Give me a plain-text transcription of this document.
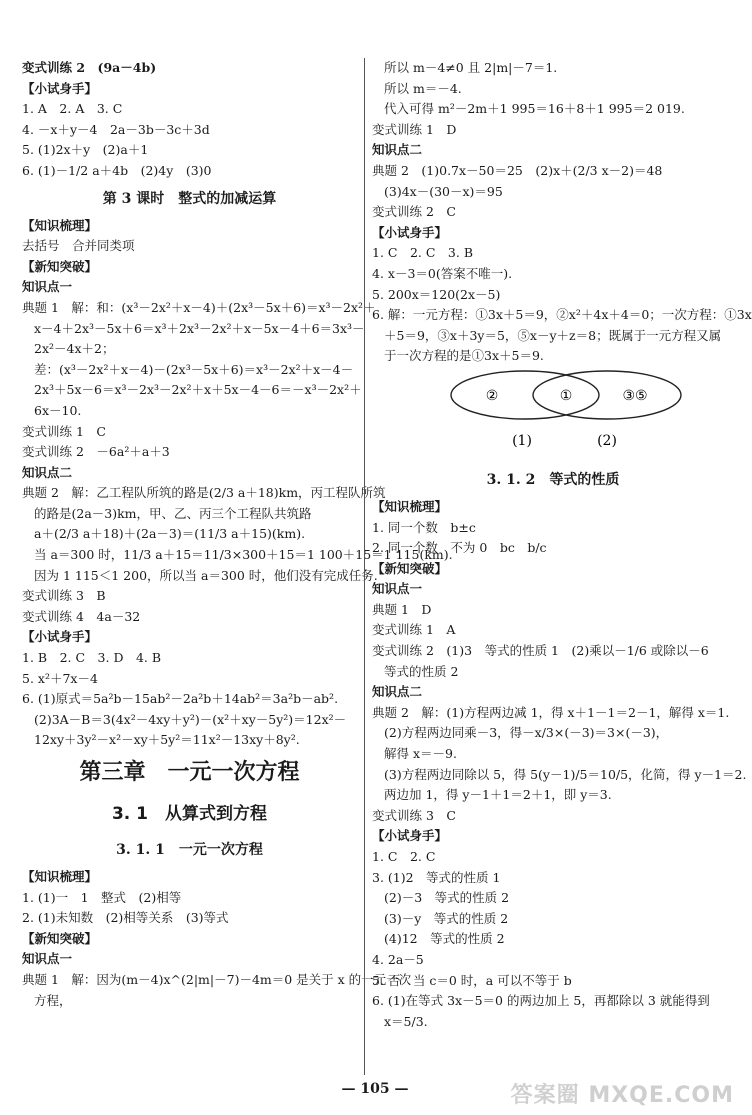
变式训练 2　(9a－4b)
【小试身手】
1. A　2. A　3. C
4. －x＋y－4　2a－3b－3c＋3d
5. (1)2x＋y　(2)a＋1
6. (1)－1/2 a＋4b　(2)4y　(3)0
第 3 课时　整式的加减运算
【知识梳理】
去括号　合并同类项
【新知突破】
知识点一
典题 1　解：和：(x³－2x²＋x－4)＋(2x³－5x＋6)＝x³－2x²＋
x－4＋2x³－5x＋6＝x³＋2x³－2x²＋x－5x－4＋6＝3x³－
2x²－4x＋2；
差：(x³－2x²＋x－4)－(2x³－5x＋6)＝x³－2x²＋x－4－
2x³＋5x－6＝x³－2x³－2x²＋x＋5x－4－6＝－x³－2x²＋
6x－10.
变式训练 1　C
变式训练 2　－6a²＋a＋3
知识点二
典题 2　解：乙工程队所筑的路是(2/3 a＋18)km，丙工程队所筑
的路是(2a－3)km，甲、乙、丙三个工程队共筑路
a＋(2/3 a＋18)＋(2a－3)＝(11/3 a＋15)(km).
当 a＝300 时，11/3 a＋15＝11/3×300＋15＝1 100＋15＝1 115(km).
因为 1 115＜1 200，所以当 a＝300 时，他们没有完成任务.
变式训练 3　B
变式训练 4　4a－32
【小试身手】
1. B　2. C　3. D　4. B
5. x²＋7x－4
6. (1)原式＝5a²b－15ab²－2a²b＋14ab²＝3a²b－ab².
(2)3A－B＝3(4x²－4xy＋y²)－(x²＋xy－5y²)＝12x²－
12xy＋3y²－x²－xy＋5y²＝11x²－13xy＋8y².
第三章　一元一次方程
3. 1　从算式到方程
3. 1. 1　一元一次方程
【知识梳理】
1. (1)一　1　整式　(2)相等
2. (1)未知数　(2)相等关系　(3)等式
【新知突破】
知识点一
典题 1　解：因为(m－4)x^(2|m|－7)－4m＝0 是关于 x 的一元一次
方程，
所以 m－4≠0 且 2|m|－7＝1.
所以 m＝－4.
代入可得 m²－2m＋1 995＝16＋8＋1 995＝2 019.
变式训练 1　D
知识点二
典题 2　(1)0.7x－50＝25　(2)x＋(2/3 x－2)＝48
(3)4x－(30－x)＝95
变式训练 2　C
【小试身手】
1. C　2. C　3. B
4. x－3＝0(答案不唯一).
5. 200x＝120(2x－5)
6. 解：一元方程：①3x＋5＝9，②x²＋4x＋4＝0；一次方程：①3x
＋5＝9，③x＋3y＝5，⑤x－y＋z＝8；既属于一元方程又属
于一次方程的是①3x＋5＝9.
②	①	③⑤
(1)	(2)
3. 1. 2　等式的性质
【知识梳理】
1. 同一个数　b±c
2. 同一个数　不为 0　bc　b/c
【新知突破】
知识点一
典题 1　D
变式训练 1　A
变式训练 2　(1)3　等式的性质 1　(2)乘以－1/6 或除以－6
等式的性质 2
知识点二
典题 2　解：(1)方程两边减 1，得 x＋1－1＝2－1，解得 x＝1.
(2)方程两边同乘－3，得－x/3×(－3)＝3×(－3)，
解得 x＝－9.
(3)方程两边同除以 5，得 5(y－1)/5＝10/5，化简，得 y－1＝2.
两边加 1，得 y－1＋1＝2＋1，即 y＝3.
变式训练 3　C
【小试身手】
1. C　2. C
3. (1)2　等式的性质 1
(2)－3　等式的性质 2
(3)－y　等式的性质 2
(4)12　等式的性质 2
4. 2a－5
5. 否　当 c＝0 时，a 可以不等于 b
6. (1)在等式 3x－5＝0 的两边加上 5，再都除以 3 就能得到
x＝5/3.
— 105 —	答案圈 MXQE.COM
